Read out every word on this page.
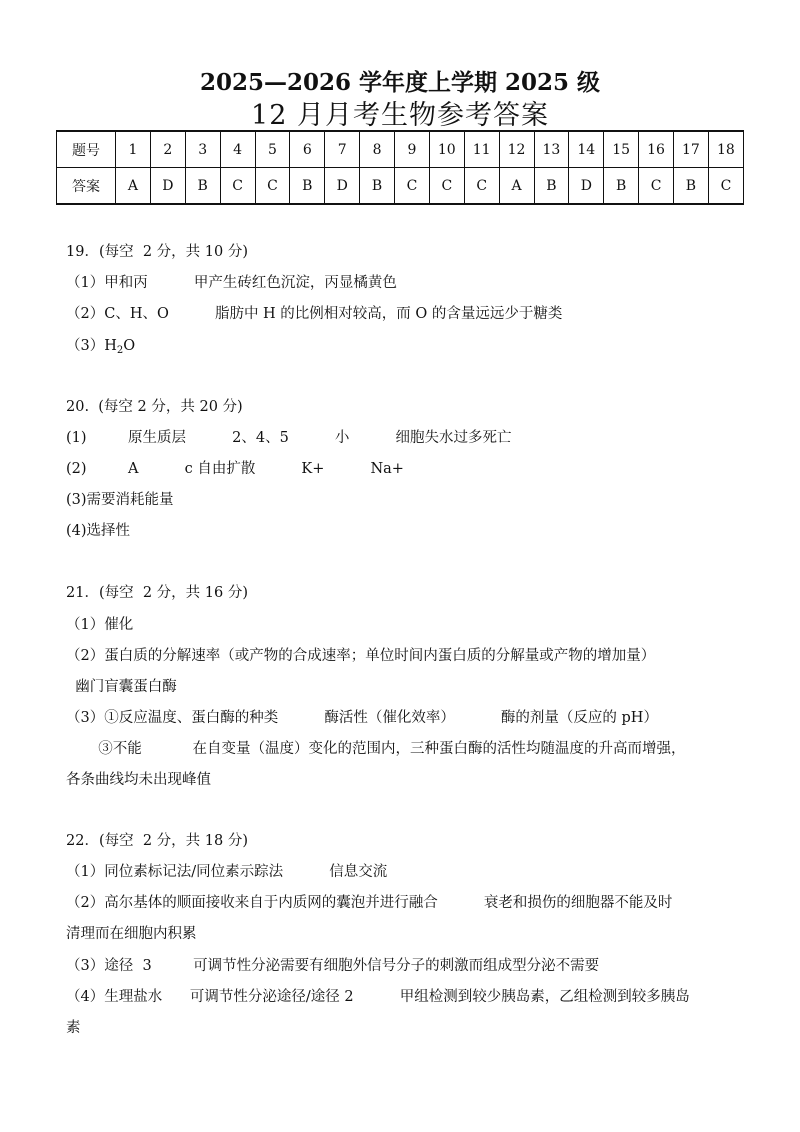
2025—2026 学年度上学期 2025 级
12 月月考生物参考答案
题号	1	2	3	4	5	6	7	8	9	10	11	12	13	14	15	16	17	18
答案	A	D	B	C	C	B	D	B	C	C	C	A	B	D	B	C	B	C
19．(每空  2 分，共 10 分)
（1）甲和丙          甲产生砖红色沉淀，丙显橘黄色
（2）C、H、O          脂肪中 H 的比例相对较高，而 O 的含量远远少于糖类
$(3)H_2O$
20.  (每空 2 分，共 20 分)
(1)         原生质层          2、4、5          小          细胞失水过多死亡
(2)         A          c 自由扩散          K+          Na+
(3)需要消耗能量
(4)选择性
21．(每空  2 分，共 16 分)
（1）催化
（2）蛋白质的分解速率（或产物的合成速率；单位时间内蛋白质的分解量或产物的增加量）
幽门盲囊蛋白酶
（3）①反应温度、蛋白酶的种类          酶活性（催化效率）          酶的剂量（反应的 pH）
③不能           在自变量（温度）变化的范围内，三种蛋白酶的活性均随温度的升高而增强，
各条曲线均未出现峰值
22．(每空  2 分，共 18 分)
（1）同位素标记法/同位素示踪法          信息交流
（2）高尔基体的顺面接收来自于内质网的囊泡并进行融合          衰老和损伤的细胞器不能及时
清理而在细胞内积累
（3）途径  3         可调节性分泌需要有细胞外信号分子的刺激而组成型分泌不需要
（4）生理盐水      可调节性分泌途径/途径 2          甲组检测到较少胰岛素，乙组检测到较多胰岛
素
